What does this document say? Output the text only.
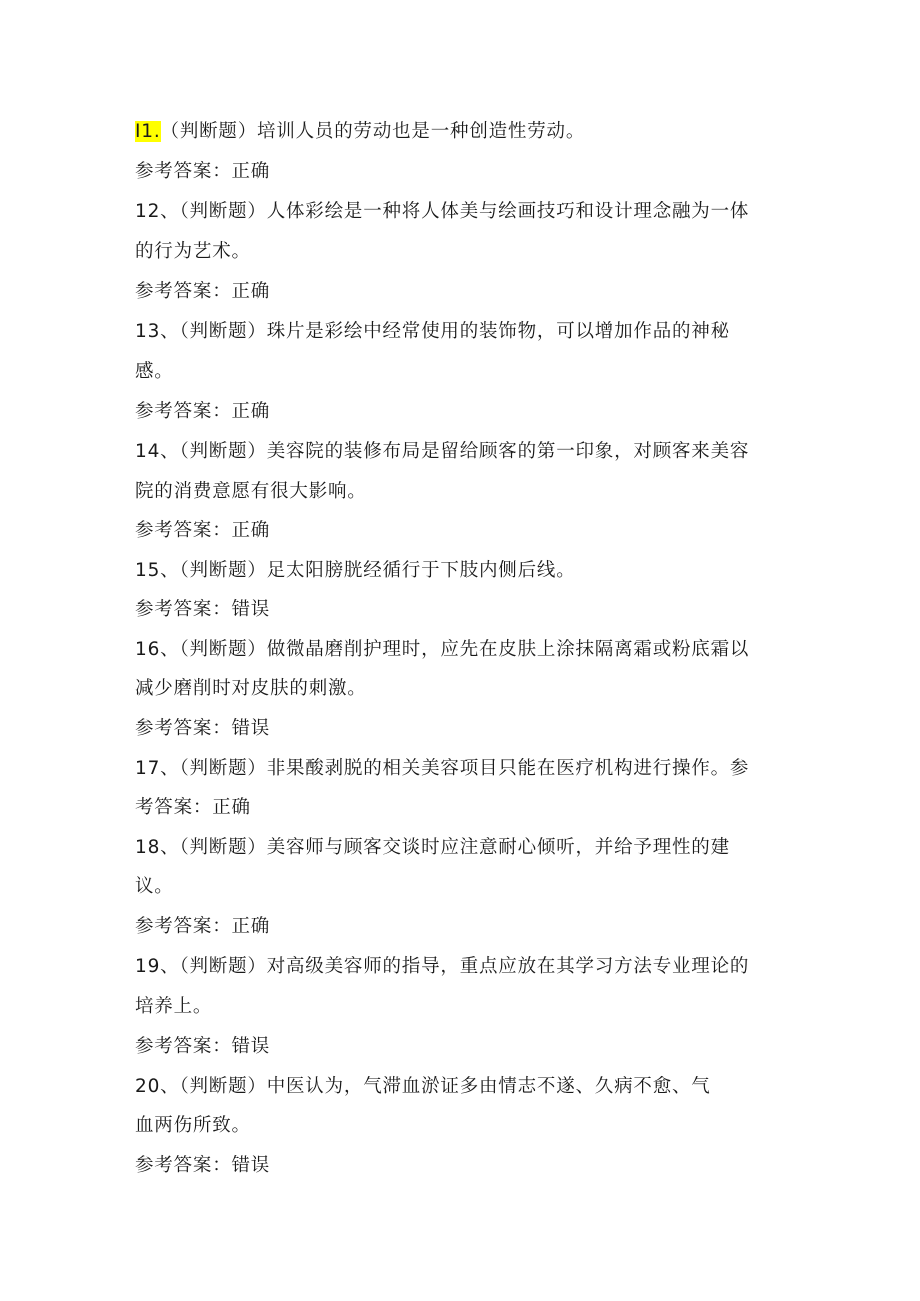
I1.（判断题）培训人员的劳动也是一种创造性劳动。
参考答案：正确
12、（判断题）人体彩绘是一种将人体美与绘画技巧和设计理念融为一体
的行为艺术。
参考答案：正确
13、（判断题）珠片是彩绘中经常使用的装饰物，可以增加作品的神秘
感。
参考答案：正确
14、（判断题）美容院的装修布局是留给顾客的第一印象，对顾客来美容
院的消费意愿有很大影响。
参考答案：正确
15、（判断题）足太阳膀胱经循行于下肢内侧后线。
参考答案：错误
16、（判断题）做微晶磨削护理时，应先在皮肤上涂抹隔离霜或粉底霜以
减少磨削时对皮肤的刺激。
参考答案：错误
17、（判断题）非果酸剥脱的相关美容项目只能在医疗机构进行操作。参
考答案：正确
18、（判断题）美容师与顾客交谈时应注意耐心倾听，并给予理性的建
议。
参考答案：正确
19、（判断题）对高级美容师的指导，重点应放在其学习方法专业理论的
培养上。
参考答案：错误
20、（判断题）中医认为，气滞血淤证多由情志不遂、久病不愈、气
血两伤所致。
参考答案：错误
